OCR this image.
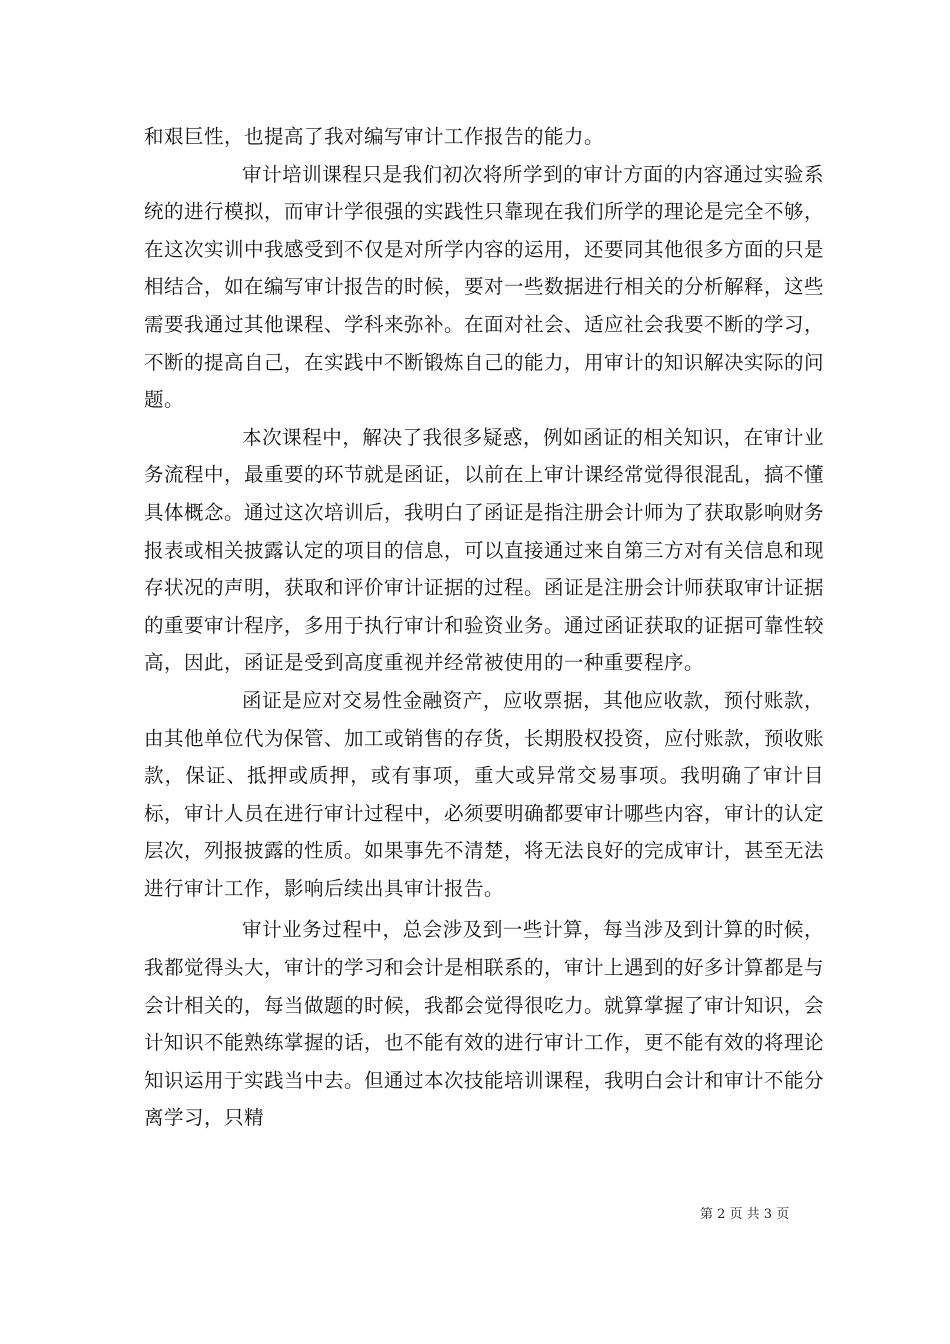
和艰巨性，也提高了我对编写审计工作报告的能力。

审计培训课程只是我们初次将所学到的审计方面的内容通过实验系统的进行模拟，而审计学很强的实践性只靠现在我们所学的理论是完全不够，在这次实训中我感受到不仅是对所学内容的运用，还要同其他很多方面的只是相结合，如在编写审计报告的时候，要对一些数据进行相关的分析解释，这些需要我通过其他课程、学科来弥补。在面对社会、适应社会我要不断的学习，不断的提高自己，在实践中不断锻炼自己的能力，用审计的知识解决实际的问题。

本次课程中，解决了我很多疑惑，例如函证的相关知识，在审计业务流程中，最重要的环节就是函证，以前在上审计课经常觉得很混乱，搞不懂具体概念。通过这次培训后，我明白了函证是指注册会计师为了获取影响财务报表或相关披露认定的项目的信息，可以直接通过来自第三方对有关信息和现存状况的声明，获取和评价审计证据的过程。函证是注册会计师获取审计证据的重要审计程序，多用于执行审计和验资业务。通过函证获取的证据可靠性较高，因此，函证是受到高度重视并经常被使用的一种重要程序。

函证是应对交易性金融资产，应收票据，其他应收款，预付账款，由其他单位代为保管、加工或销售的存货，长期股权投资，应付账款，预收账款，保证、抵押或质押，或有事项，重大或异常交易事项。我明确了审计目标，审计人员在进行审计过程中，必须要明确都要审计哪些内容，审计的认定层次，列报披露的性质。如果事先不清楚，将无法良好的完成审计，甚至无法进行审计工作，影响后续出具审计报告。

审计业务过程中，总会涉及到一些计算，每当涉及到计算的时候，我都觉得头大，审计的学习和会计是相联系的，审计上遇到的好多计算都是与会计相关的，每当做题的时候，我都会觉得很吃力。就算掌握了审计知识，会计知识不能熟练掌握的话，也不能有效的进行审计工作，更不能有效的将理论知识运用于实践当中去。但通过本次技能培训课程，我明白会计和审计不能分离学习，只精

第 2 页 共 3 页
